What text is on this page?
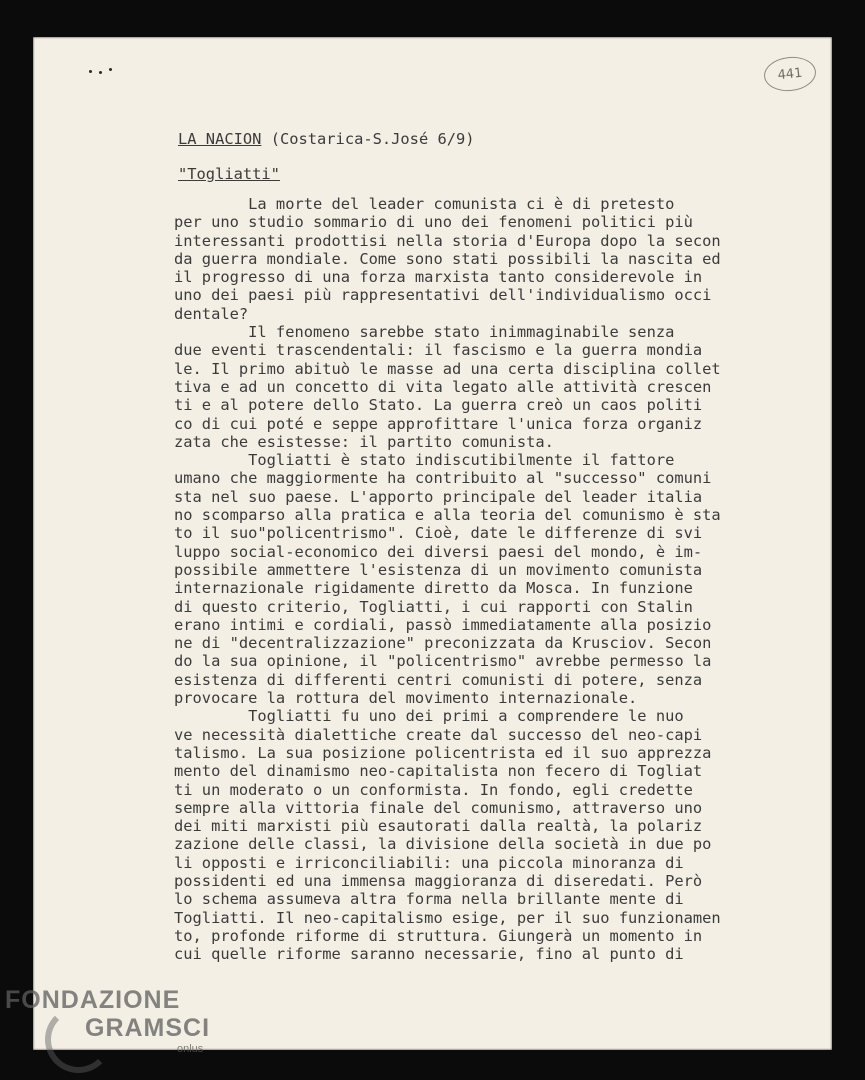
441
LA NACION (Costarica-S.José 6/9)
"Togliatti"
La morte del leader comunista ci è di pretesto
per uno studio sommario di uno dei fenomeni politici più
interessanti prodottisi nella storia d'Europa dopo la secon
da guerra mondiale. Come sono stati possibili la nascita ed
il progresso di una forza marxista tanto considerevole in
uno dei paesi più rappresentativi dell'individualismo occi
dentale?
Il fenomeno sarebbe stato inimmaginabile senza
due eventi trascendentali: il fascismo e la guerra mondia
le. Il primo abituò le masse ad una certa disciplina collet
tiva e ad un concetto di vita legato alle attività crescen
ti e al potere dello Stato. La guerra creò un caos politi
co di cui poté e seppe approfittare l'unica forza organiz
zata che esistesse: il partito comunista.
Togliatti è stato indiscutibilmente il fattore
umano che maggiormente ha contribuito al "successo" comuni
sta nel suo paese. L'apporto principale del leader italia
no scomparso alla pratica e alla teoria del comunismo è sta
to il suo"policentrismo". Cioè, date le differenze di svi
luppo social-economico dei diversi paesi del mondo, è im-
possibile ammettere l'esistenza di un movimento comunista
internazionale rigidamente diretto da Mosca. In funzione
di questo criterio, Togliatti, i cui rapporti con Stalin
erano intimi e cordiali, passò immediatamente alla posizio
ne di "decentralizzazione" preconizzata da Krusciov. Secon
do la sua opinione, il "policentrismo" avrebbe permesso la
esistenza di differenti centri comunisti di potere, senza
provocare la rottura del movimento internazionale.
Togliatti fu uno dei primi a comprendere le nuo
ve necessità dialettiche create dal successo del neo-capi
talismo. La sua posizione policentrista ed il suo apprezza
mento del dinamismo neo-capitalista non fecero di Togliat
ti un moderato o un conformista. In fondo, egli credette
sempre alla vittoria finale del comunismo, attraverso uno
dei miti marxisti più esautorati dalla realtà, la polariz
zazione delle classi, la divisione della società in due po
li opposti e irriconciliabili: una piccola minoranza di
possidenti ed una immensa maggioranza di diseredati. Però
lo schema assumeva altra forma nella brillante mente di
Togliatti. Il neo-capitalismo esige, per il suo funzionamen
to, profonde riforme di struttura. Giungerà un momento in
cui quelle riforme saranno necessarie, fino al punto di
FONDAZIONE
GRAMSCI
onlus
